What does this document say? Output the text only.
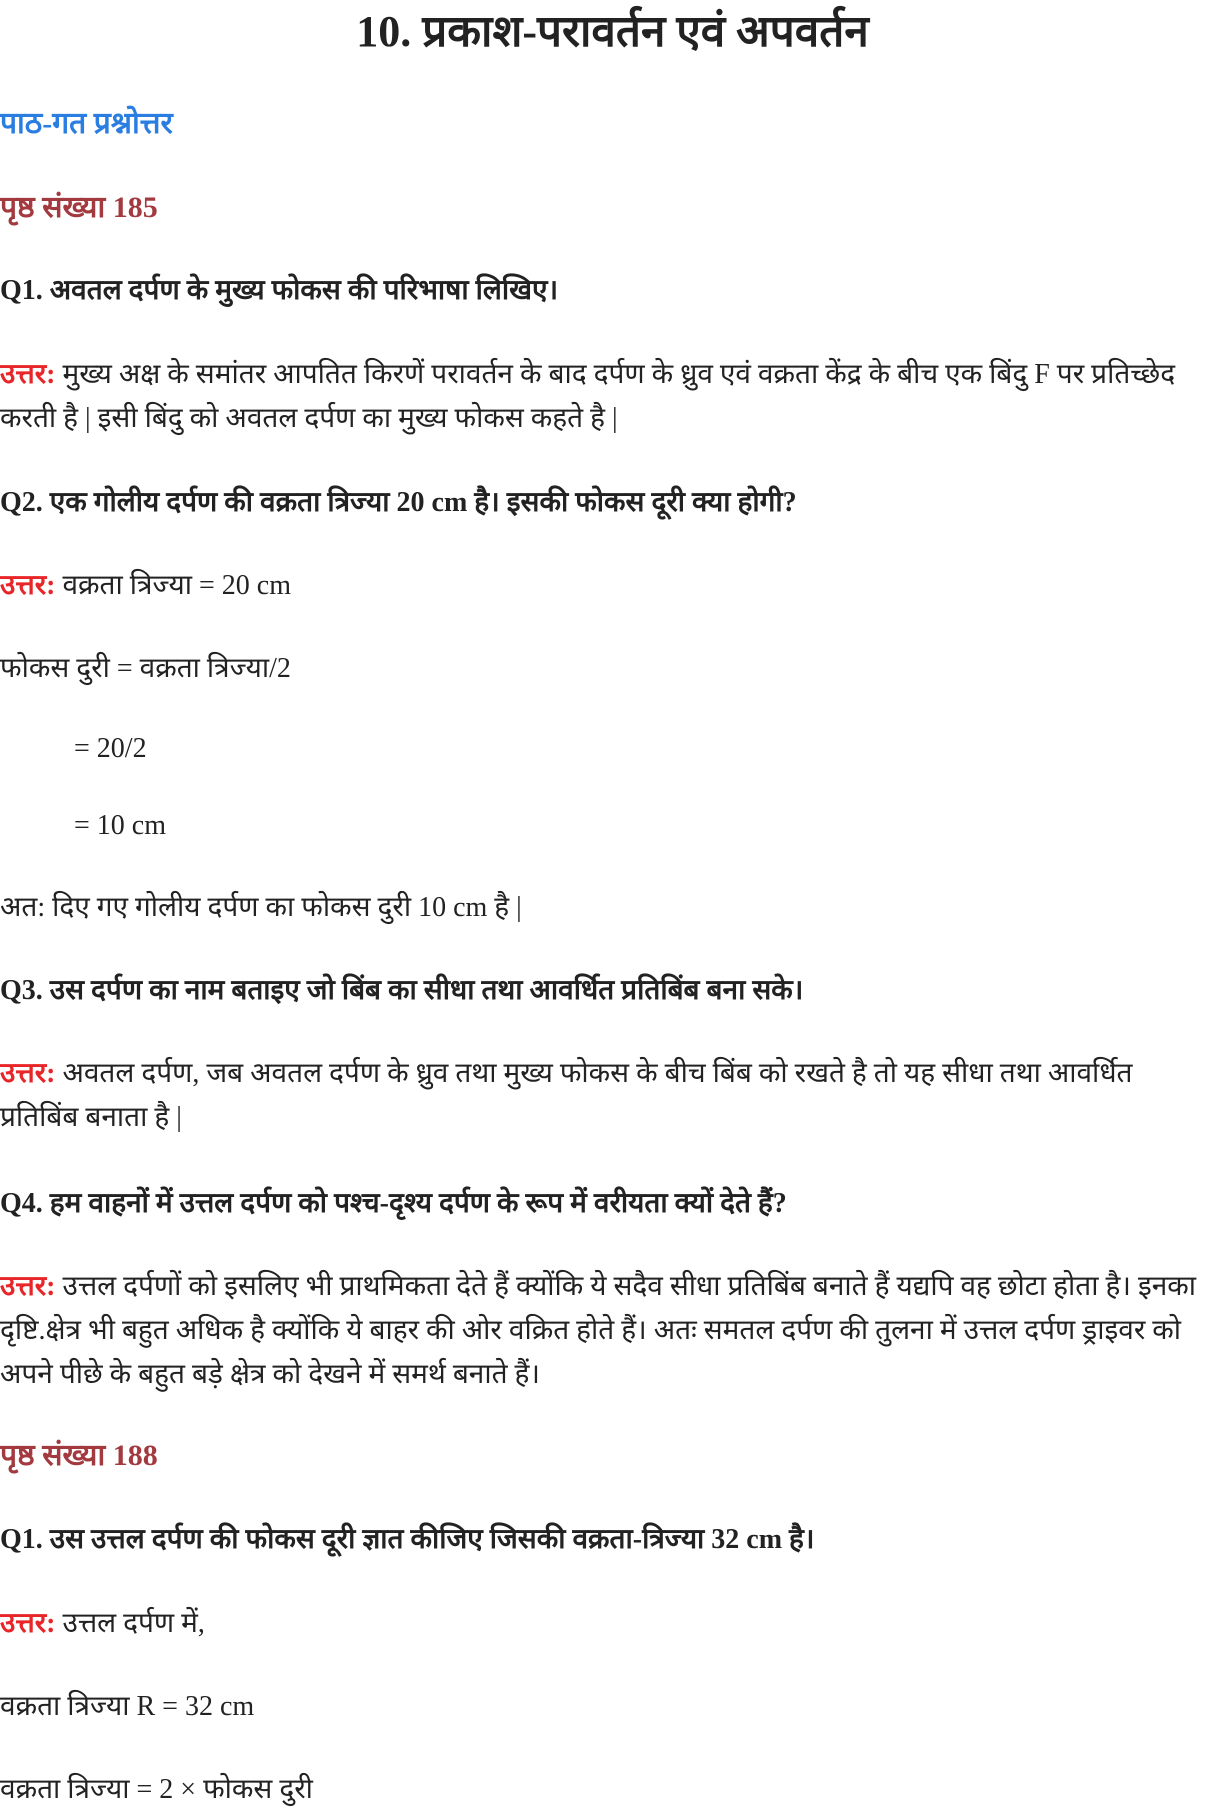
10. प्रकाश-परावर्तन एवं अपवर्तन
पाठ-गत प्रश्नोत्तर
पृष्ठ संख्या 185
Q1. अवतल दर्पण के मुख्य फोकस की परिभाषा लिखिए।
उत्तर: मुख्य अक्ष के समांतर आपतित किरणें परावर्तन के बाद दर्पण के ध्रुव एवं वक्रता केंद्र के बीच एक बिंदु F पर प्रतिच्छेद करती है | इसी बिंदु को अवतल दर्पण का मुख्य फोकस कहते है |
Q2. एक गोलीय दर्पण की वक्रता त्रिज्या 20 cm है। इसकी फोकस दूरी क्या होगी?
उत्तर: वक्रता त्रिज्या = 20 cm
फोकस दुरी = वक्रता त्रिज्या/2
= 20/2
= 10 cm
अत: दिए गए गोलीय दर्पण का फोकस दुरी 10 cm है |
Q3. उस दर्पण का नाम बताइए जो बिंब का सीधा तथा आवर्धित प्रतिबिंब बना सके।
उत्तर: अवतल दर्पण, जब अवतल दर्पण के ध्रुव तथा मुख्य फोकस के बीच बिंब को रखते है तो यह सीधा तथा आवर्धित प्रतिबिंब बनाता है |
Q4. हम वाहनों में उत्तल दर्पण को पश्च-दृश्य दर्पण के रूप में वरीयता क्यों देते हैं?
उत्तर: उत्तल दर्पणों को इसलिए भी प्राथमिकता देते हैं क्योंकि ये सदैव सीधा प्रतिबिंब बनाते हैं यद्यपि वह छोटा होता है। इनका दृष्टि.क्षेत्र भी बहुत अधिक है क्योंकि ये बाहर की ओर वक्रित होते हैं। अतः समतल दर्पण की तुलना में उत्तल दर्पण ड्राइवर को अपने पीछे के बहुत बड़े क्षेत्र को देखने में समर्थ बनाते हैं।
पृष्ठ संख्या 188
Q1. उस उत्तल दर्पण की फोकस दूरी ज्ञात कीजिए जिसकी वक्रता-त्रिज्या 32 cm है।
उत्तर: उत्तल दर्पण में,
वक्रता त्रिज्या R = 32 cm
वक्रता त्रिज्या = 2 × फोकस दुरी
